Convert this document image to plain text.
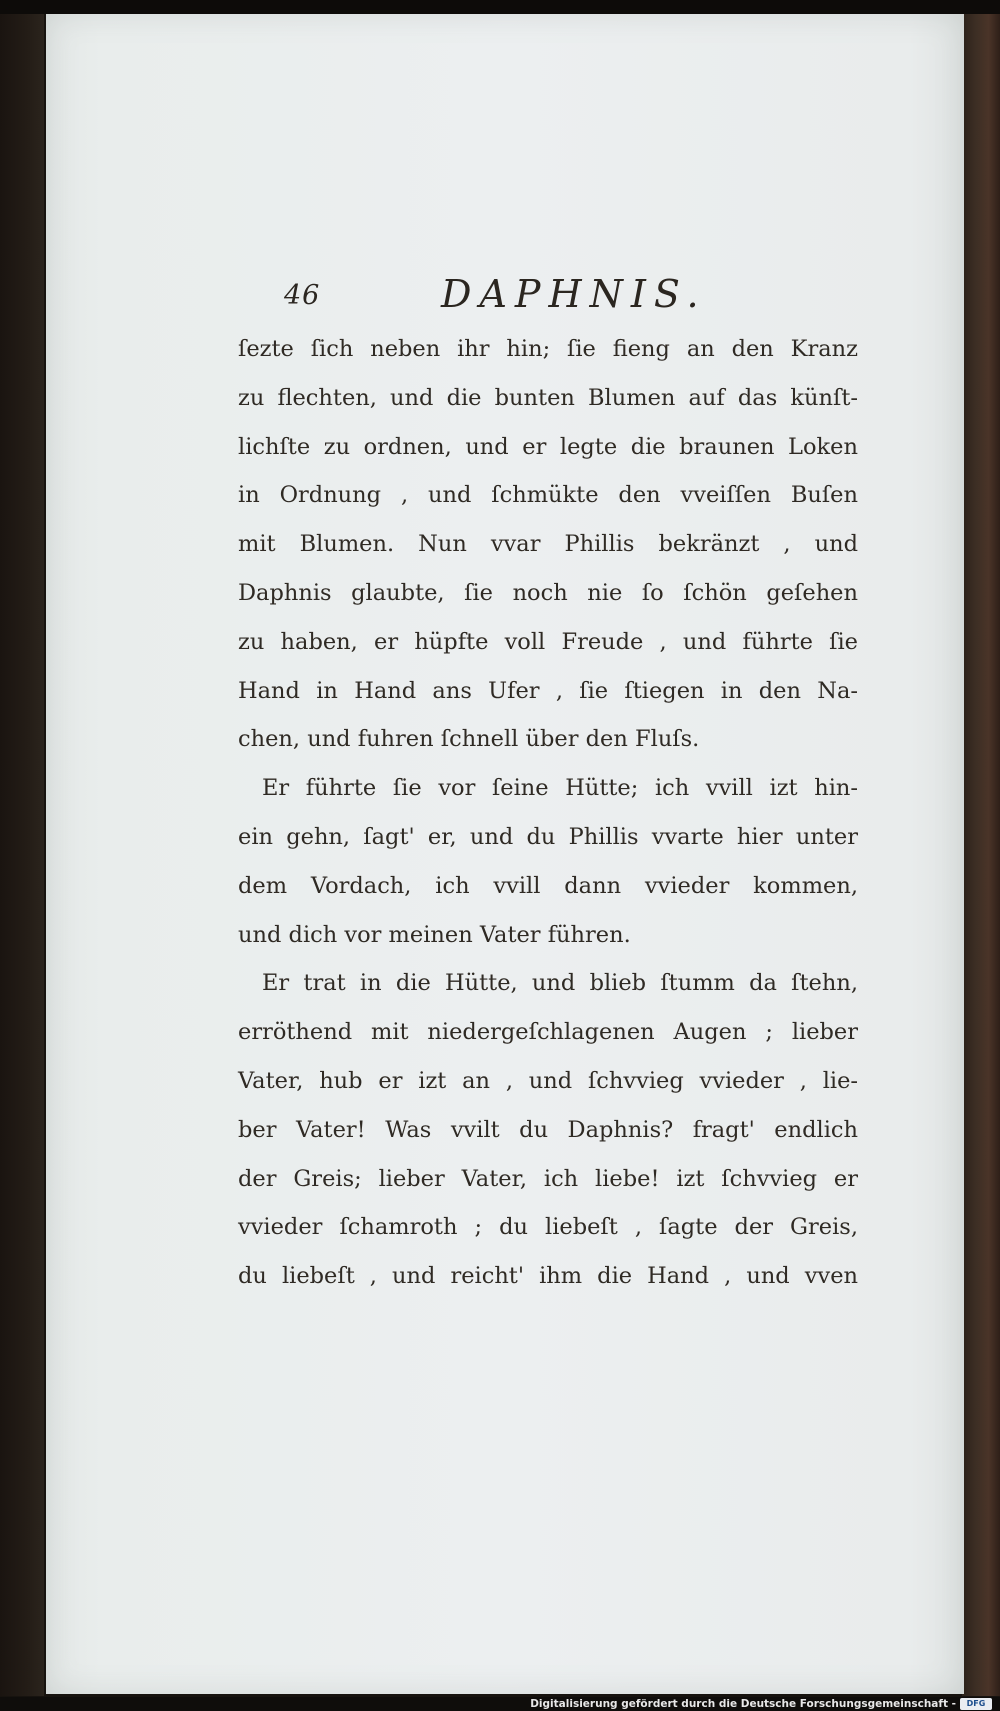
46	DAPHNIS.
ſezte ſich neben ihr hin; ſie fieng an den Kranz
zu flechten, und die bunten Blumen auf das künſt-
lichſte zu ordnen, und er legte die braunen Loken
in Ordnung , und ſchmükte den vveiſſen Buſen
mit Blumen. Nun vvar Phillis bekränzt , und
Daphnis glaubte, ſie noch nie ſo ſchön geſehen
zu haben, er hüpfte voll Freude , und führte ſie
Hand in Hand ans Ufer , ſie ſtiegen in den Na-
chen, und fuhren ſchnell über den Fluſs.
Er führte ſie vor ſeine Hütte; ich vvill izt hin-
ein gehn, ſagt' er, und du Phillis vvarte hier unter
dem Vordach, ich vvill dann vvieder kommen,
und dich vor meinen Vater führen.
Er trat in die Hütte, und blieb ſtumm da ſtehn,
erröthend mit niedergeſchlagenen Augen ; lieber
Vater, hub er izt an , und ſchvvieg vvieder , lie-
ber Vater! Was vvilt du Daphnis? fragt' endlich
der Greis; lieber Vater, ich liebe! izt ſchvvieg er
vvieder ſchamroth ; du liebeſt , ſagte der Greis,
du liebeſt , und reicht' ihm die Hand , und vven
Digitalisierung gefördert durch die Deutsche Forschungsgemeinschaft -	DFG
